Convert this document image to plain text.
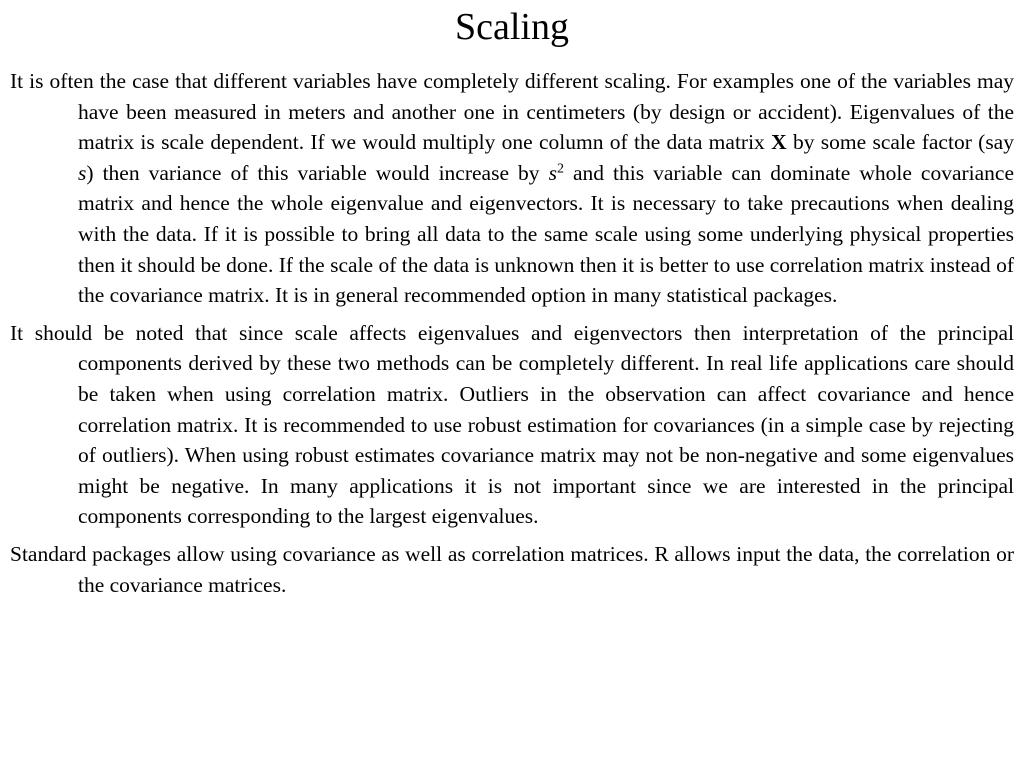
Scaling

It is often the case that different variables have completely different scaling. For examples one of the variables may have been measured in meters and another one in centimeters (by design or accident). Eigenvalues of the matrix is scale dependent. If we would multiply one column of the data matrix X by some scale factor (say s) then variance of this variable would increase by $s^2$ and this variable can dominate whole covariance matrix and hence the whole eigenvalue and eigenvectors. It is necessary to take precautions when dealing with the data. If it is possible to bring all data to the same scale using some underlying physical properties then it should be done. If the scale of the data is unknown then it is better to use correlation matrix instead of the covariance matrix. It is in general recommended option in many statistical packages.

It should be noted that since scale affects eigenvalues and eigenvectors then interpretation of the principal components derived by these two methods can be completely different. In real life applications care should be taken when using correlation matrix. Outliers in the observation can affect covariance and hence correlation matrix. It is recommended to use robust estimation for covariances (in a simple case by rejecting of outliers). When using robust estimates covariance matrix may not be non-negative and some eigenvalues might be negative. In many applications it is not important since we are interested in the principal components corresponding to the largest eigenvalues.

Standard packages allow using covariance as well as correlation matrices. R allows input the data, the correlation or the covariance matrices.
